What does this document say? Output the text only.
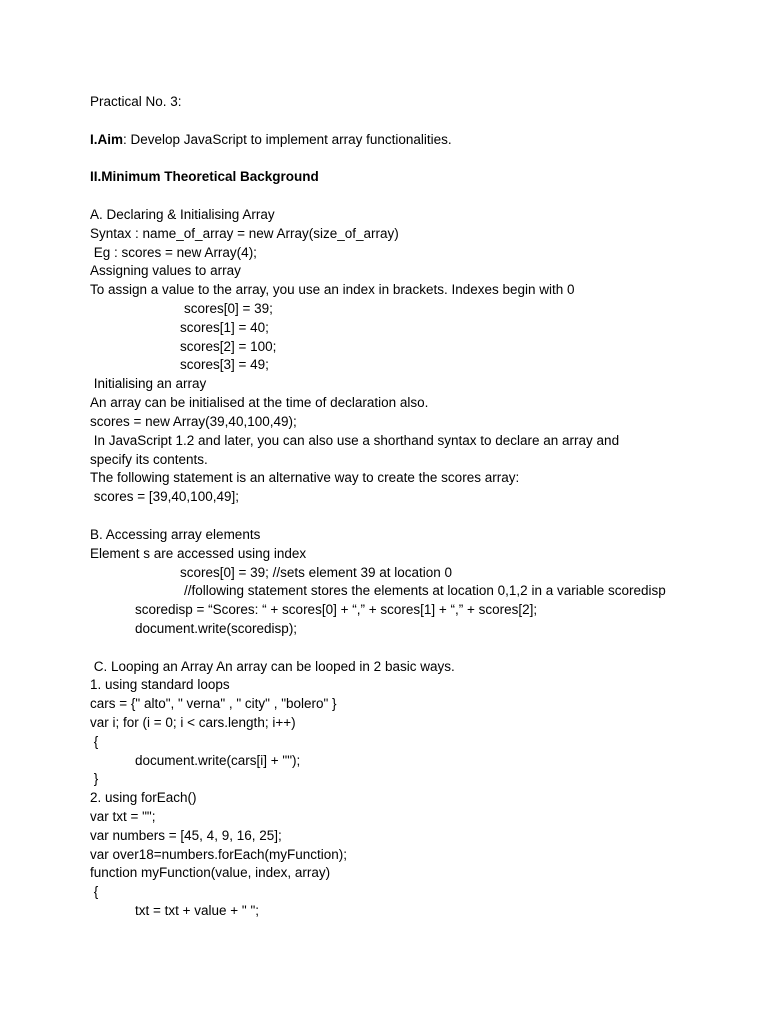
Practical No. 3:
I.Aim: Develop JavaScript to implement array functionalities.
II.Minimum Theoretical Background
A. Declaring & Initialising Array
Syntax : name_of_array = new Array(size_of_array)
Eg : scores = new Array(4);
Assigning values to array
To assign a value to the array, you use an index in brackets. Indexes begin with 0
scores[0] = 39;
scores[1] = 40;
scores[2] = 100;
scores[3] = 49;
Initialising an array
An array can be initialised at the time of declaration also.
scores = new Array(39,40,100,49);
In JavaScript 1.2 and later, you can also use a shorthand syntax to declare an array and
specify its contents.
The following statement is an alternative way to create the scores array:
scores = [39,40,100,49];
B. Accessing array elements
Element s are accessed using index
scores[0] = 39; //sets element 39 at location 0
//following statement stores the elements at location 0,1,2 in a variable scoredisp
scoredisp = “Scores: “ + scores[0] + “,” + scores[1] + “,” + scores[2];
document.write(scoredisp);
C. Looping an Array An array can be looped in 2 basic ways.
1. using standard loops
cars = {" alto", " verna" , " city" , "bolero" }
var i; for (i = 0; i < cars.length; i++)
{
document.write(cars[i] + "");
}
2. using forEach()
var txt = "";
var numbers = [45, 4, 9, 16, 25];
var over18=numbers.forEach(myFunction);
function myFunction(value, index, array)
{
txt = txt + value + " ";
